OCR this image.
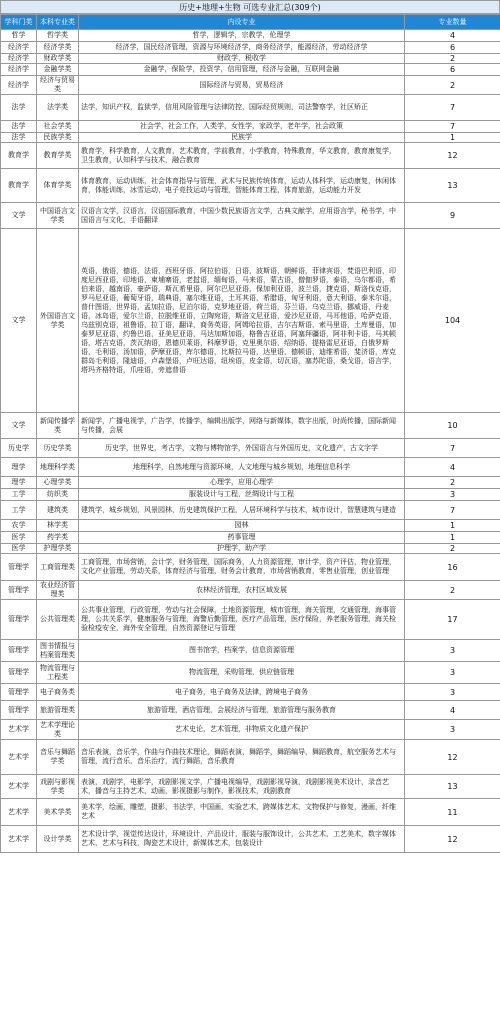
历史+地理+生物 可选专业汇总(309个)
学科门类	本科专业类	内设专业	专业数量
哲学	哲学类	哲学，逻辑学，宗教学，伦理学	4
经济学	经济学类	经济学，国民经济管理，资源与环境经济学，商务经济学，能源经济，劳动经济学	6
经济学	财政学类	财政学，税收学	2
经济学	金融学类	金融学，保险学，投资学，信用管理，经济与金融，互联网金融	6
经济学	经济与贸易类	国际经济与贸易，贸易经济	2
法学	法学类	法学，知识产权，监狱学，信用风险管理与法律防控，国际经贸规则，司法警察学，社区矫正	7
法学	社会学类	社会学，社会工作，人类学，女性学，家政学，老年学，社会政策	7
法学	民族学类	民族学	1
教育学	教育学类	教育学，科学教育，人文教育，艺术教育，学前教育，小学教育，特殊教育，华文教育，教育康复学，卫生教育，认知科学与技术，融合教育	12
教育学	体育学类	体育教育，运动训练，社会体育指导与管理，武术与民族传统体育，运动人体科学，运动康复，休闲体育，体能训练，冰雪运动，电子竞技运动与管理，智能体育工程，体育旅游，运动能力开发	13
文学	中国语言文学类	汉语言文学，汉语言，汉语国际教育，中国少数民族语言文学，古典文献学，应用语言学，秘书学，中国语言与文化，手语翻译	9
文学	外国语言文学类	英语，俄语，德语，法语，西班牙语，阿拉伯语，日语，波斯语，朝鲜语，菲律宾语，梵语巴利语，印度尼西亚语，印地语，柬埔寨语，老挝语，缅甸语，马来语，蒙古语，僧伽罗语，泰语，乌尔都语，希伯来语，越南语，豪萨语，斯瓦希里语，阿尔巴尼亚语，保加利亚语，波兰语，捷克语，斯洛伐克语，罗马尼亚语，葡萄牙语，瑞典语，塞尔维亚语，土耳其语，希腊语，匈牙利语，意大利语，泰米尔语，普什图语，世界语，孟加拉语，尼泊尔语，克罗地亚语，荷兰语，芬兰语，乌克兰语，挪威语，丹麦语，冰岛语，爱尔兰语，拉脱维亚语，立陶宛语，斯洛文尼亚语，爱沙尼亚语，马耳他语，哈萨克语，乌兹别克语，祖鲁语，拉丁语，翻译，商务英语，阿姆哈拉语，吉尔吉斯语，索马里语，土库曼语，加泰罗尼亚语，约鲁巴语，亚美尼亚语，马达加斯加语，格鲁吉亚语，阿塞拜疆语，阿非利卡语，马其顿语，塔吉克语，茨瓦纳语，恩德贝莱语，科摩罗语，克里奥尔语，绍纳语，提格雷尼亚语，白俄罗斯语，毛利语，汤加语，萨摩亚语，库尔德语，比斯拉马语，达里语，德顿语，迪维希语，斐济语，库克群岛毛利语，隆迪语，卢森堡语，卢旺达语，纽埃语，皮金语，切瓦语，塞苏陀语，桑戈语，语言学，塔玛齐格特语，爪哇语，旁遮普语	104
文学	新闻传播学类	新闻学，广播电视学，广告学，传播学，编辑出版学，网络与新媒体，数字出版，时尚传播，国际新闻与传播，会展	10
历史学	历史学类	历史学，世界史，考古学，文物与博物馆学，外国语言与外国历史，文化遗产，古文字学	7
理学	地理科学类	地理科学，自然地理与资源环境，人文地理与城乡规划，地理信息科学	4
理学	心理学类	心理学，应用心理学	2
工学	纺织类	服装设计与工程，丝绸设计与工程	3
工学	建筑类	建筑学，城乡规划，风景园林，历史建筑保护工程，人居环境科学与技术，城市设计，智慧建筑与建造	7
农学	林学类	园林	1
医学	药学类	药事管理	1
医学	护理学类	护理学，助产学	2
管理学	工商管理类	工商管理，市场营销，会计学，财务管理，国际商务，人力资源管理，审计学，资产评估，物业管理，文化产业管理，劳动关系，体育经济与管理，财务会计教育，市场营销教育，零售业管理，创业管理	16
管理学	农业经济管理类	农林经济管理，农村区域发展	2
管理学	公共管理类	公共事业管理，行政管理，劳动与社会保障，土地资源管理，城市管理，海关管理，交通管理，海事管理，公共关系学，健康服务与管理，海警后勤管理，医疗产品管理，医疗保险，养老服务管理，海关检验检疫安全，海外安全管理，自然资源登记与管理	17
管理学	图书情报与档案管理类	图书馆学，档案学，信息资源管理	3
管理学	物流管理与工程类	物流管理，采购管理，供应链管理	3
管理学	电子商务类	电子商务，电子商务及法律，跨境电子商务	3
管理学	旅游管理类	旅游管理，酒店管理，会展经济与管理，旅游管理与服务教育	4
艺术学	艺术学理论类	艺术史论，艺术管理，非物质文化遗产保护	3
艺术学	音乐与舞蹈学类	音乐表演，音乐学，作曲与作曲技术理论，舞蹈表演，舞蹈学，舞蹈编导，舞蹈教育，航空服务艺术与管理，流行音乐，音乐治疗，流行舞蹈，音乐教育	12
艺术学	戏剧与影视学类	表演，戏剧学，电影学，戏剧影视文学，广播电视编导，戏剧影视导演，戏剧影视美术设计，录音艺术，播音与主持艺术，动画，影视摄影与制作，影视技术，戏剧教育	13
艺术学	美术学类	美术学，绘画，雕塑，摄影，书法学，中国画，实验艺术，跨媒体艺术，文物保护与修复，漫画，纤维艺术	11
艺术学	设计学类	艺术设计学，视觉传达设计，环境设计，产品设计，服装与服饰设计，公共艺术，工艺美术，数字媒体艺术，艺术与科技，陶瓷艺术设计，新媒体艺术，包装设计	12
